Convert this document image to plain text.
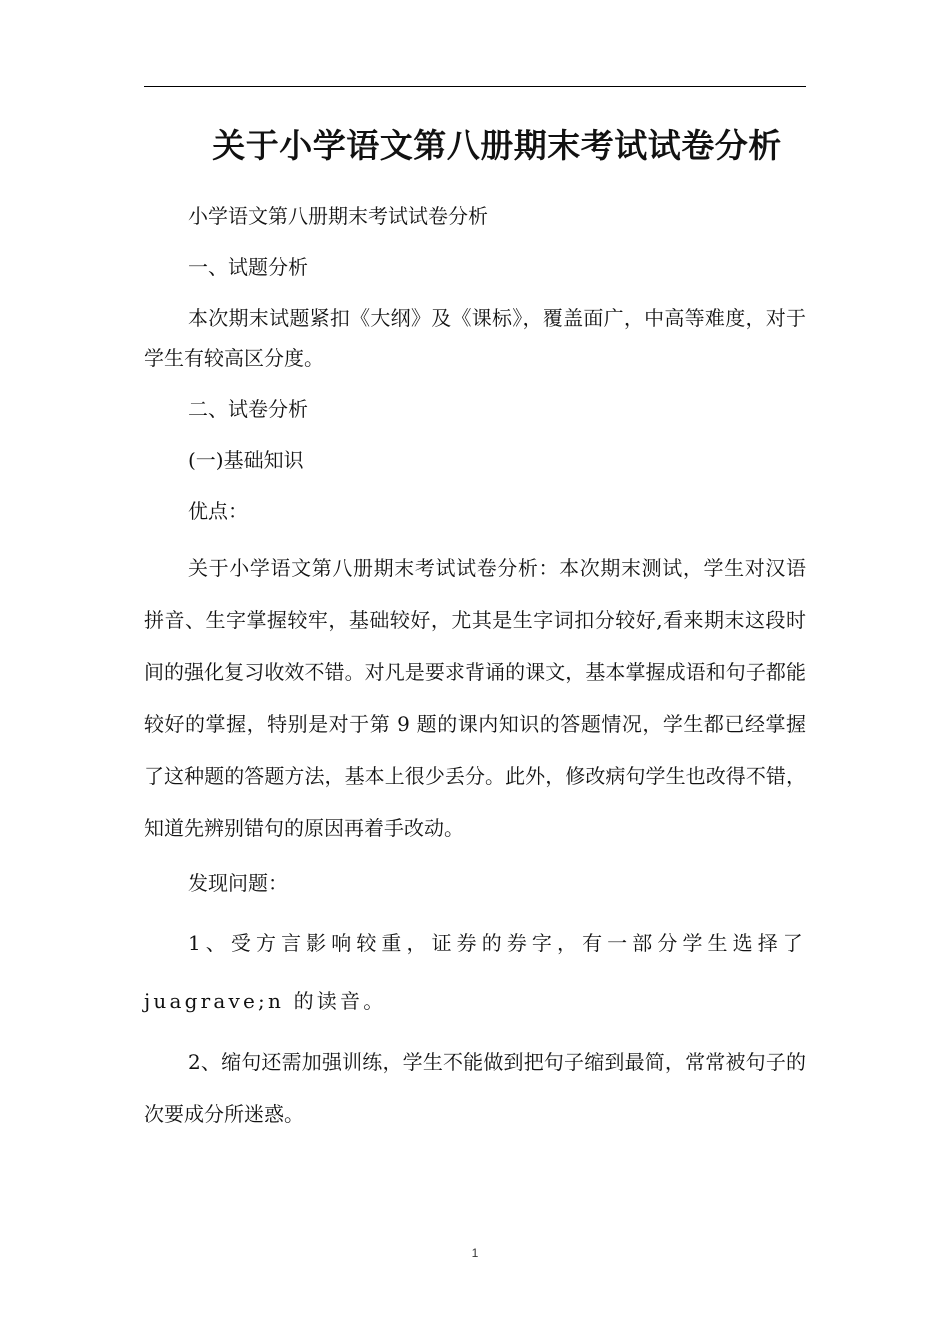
关于小学语文第八册期末考试试卷分析

小学语文第八册期末考试试卷分析

一、试题分析

本次期末试题紧扣《大纲》及《课标》，覆盖面广，中高等难度，对于学生有较高区分度。

二、试卷分析

(一)基础知识

优点：

关于小学语文第八册期末考试试卷分析：本次期末测试，学生对汉语拼音、生字掌握较牢，基础较好，尤其是生字词扣分较好,看来期末这段时间的强化复习收效不错。对凡是要求背诵的课文，基本掌握成语和句子都能较好的掌握，特别是对于第 9 题的课内知识的答题情况，学生都已经掌握了这种题的答题方法，基本上很少丢分。此外，修改病句学生也改得不错，知道先辨别错句的原因再着手改动。

发现问题：

1、受方言影响较重，证券的券字，有一部分学生选择了 juagrave;n 的读音。

2、缩句还需加强训练，学生不能做到把句子缩到最简，常常被句子的次要成分所迷惑。

1
